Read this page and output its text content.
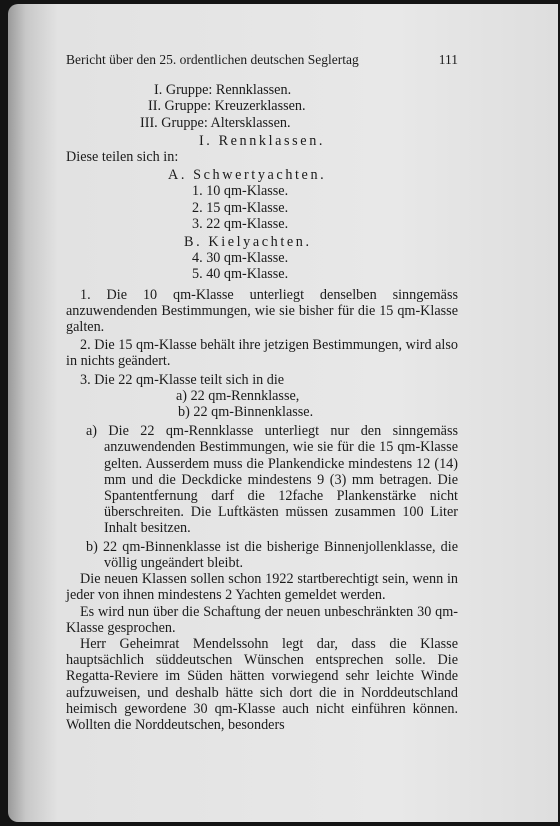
Bericht über den 25. ordentlichen deutschen Seglertag	111
I. Gruppe: Rennklassen.
II. Gruppe: Kreuzerklassen.
III. Gruppe: Altersklassen.
I. Rennklassen.
Diese teilen sich in:
A. Schwertyachten.
1. 10 qm-Klasse.
2. 15 qm-Klasse.
3. 22 qm-Klasse.
B. Kielyachten.
4. 30 qm-Klasse.
5. 40 qm-Klasse.
1. Die 10 qm-Klasse unterliegt denselben sinngemäss anzuwendenden Bestimmungen, wie sie bisher für die 15 qm-Klasse galten.
2. Die 15 qm-Klasse behält ihre jetzigen Bestimmungen, wird also in nichts geändert.
3. Die 22 qm-Klasse teilt sich in die
a) 22 qm-Rennklasse,
b) 22 qm-Binnenklasse.
a) Die 22 qm-Rennklasse unterliegt nur den sinngemäss anzuwendenden Bestimmungen, wie sie für die 15 qm-Klasse gelten. Ausserdem muss die Plankendicke mindestens 12 (14) mm und die Deckdicke mindestens 9 (3) mm betragen. Die Spantentfernung darf die 12fache Plankenstärke nicht überschreiten. Die Luftkästen müssen zusammen 100 Liter Inhalt besitzen.
b) 22 qm-Binnenklasse ist die bisherige Binnenjollenklasse, die völlig ungeändert bleibt.
Die neuen Klassen sollen schon 1922 startberechtigt sein, wenn in jeder von ihnen mindestens 2 Yachten gemeldet werden.
Es wird nun über die Schaftung der neuen unbeschränkten 30 qm-Klasse gesprochen.
Herr Geheimrat Mendelssohn legt dar, dass die Klasse hauptsächlich süddeutschen Wünschen entsprechen solle. Die Regatta-Reviere im Süden hätten vorwiegend sehr leichte Winde aufzuweisen, und deshalb hätte sich dort die in Norddeutschland heimisch gewordene 30 qm-Klasse auch nicht einführen können. Wollten die Norddeutschen, besonders
